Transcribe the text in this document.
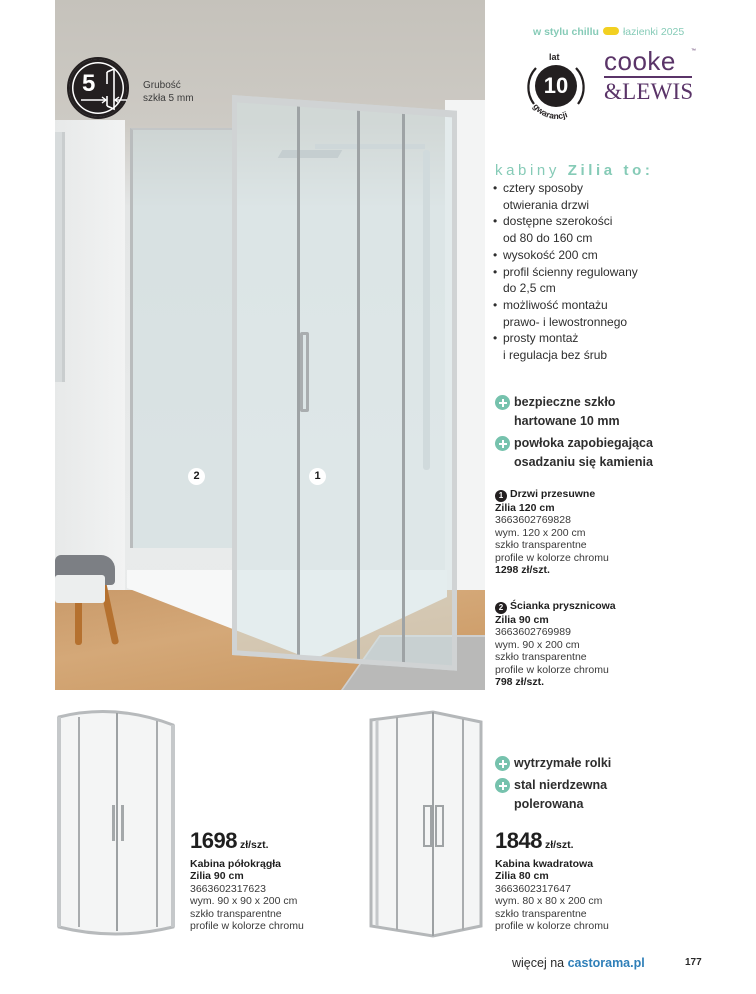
2	1
5	Grubość
szkła 5 mm
w stylu chillu łazienki 2025
gwarancji
lat
10
cooke	™
&LEWIS
kabiny Zilia to:
• cztery sposoby
otwierania drzwi
• dostępne szerokości
od 80 do 160 cm
• wysokość 200 cm
• profil ścienny regulowany
do 2,5 cm
• możliwość montażu
prawo- i lewostronnego
• prosty montaż
i regulacja bez śrub
bezpieczne szkło
hartowane 10 mm
powłoka zapobiegająca
osadzaniu się kamienia
1 Drzwi przesuwne
Zilia 120 cm
3663602769828
wym. 120 x 200 cm
szkło transparentne
profile w kolorze chromu
1298 zł/szt.
2 Ścianka prysznicowa
Zilia 90 cm
3663602769989
wym. 90 x 200 cm
szkło transparentne
profile w kolorze chromu
798 zł/szt.
1698 zł/szt.
Kabina półokrągła
Zilia 90 cm
3663602317623
wym. 90 x 90 x 200 cm
szkło transparentne
profile w kolorze chromu
wytrzymałe rolki
stal nierdzewna
polerowana
1848 zł/szt.
Kabina kwadratowa
Zilia 80 cm
3663602317647
wym. 80 x 80 x 200 cm
szkło transparentne
profile w kolorze chromu
więcej na castorama.pl	177
